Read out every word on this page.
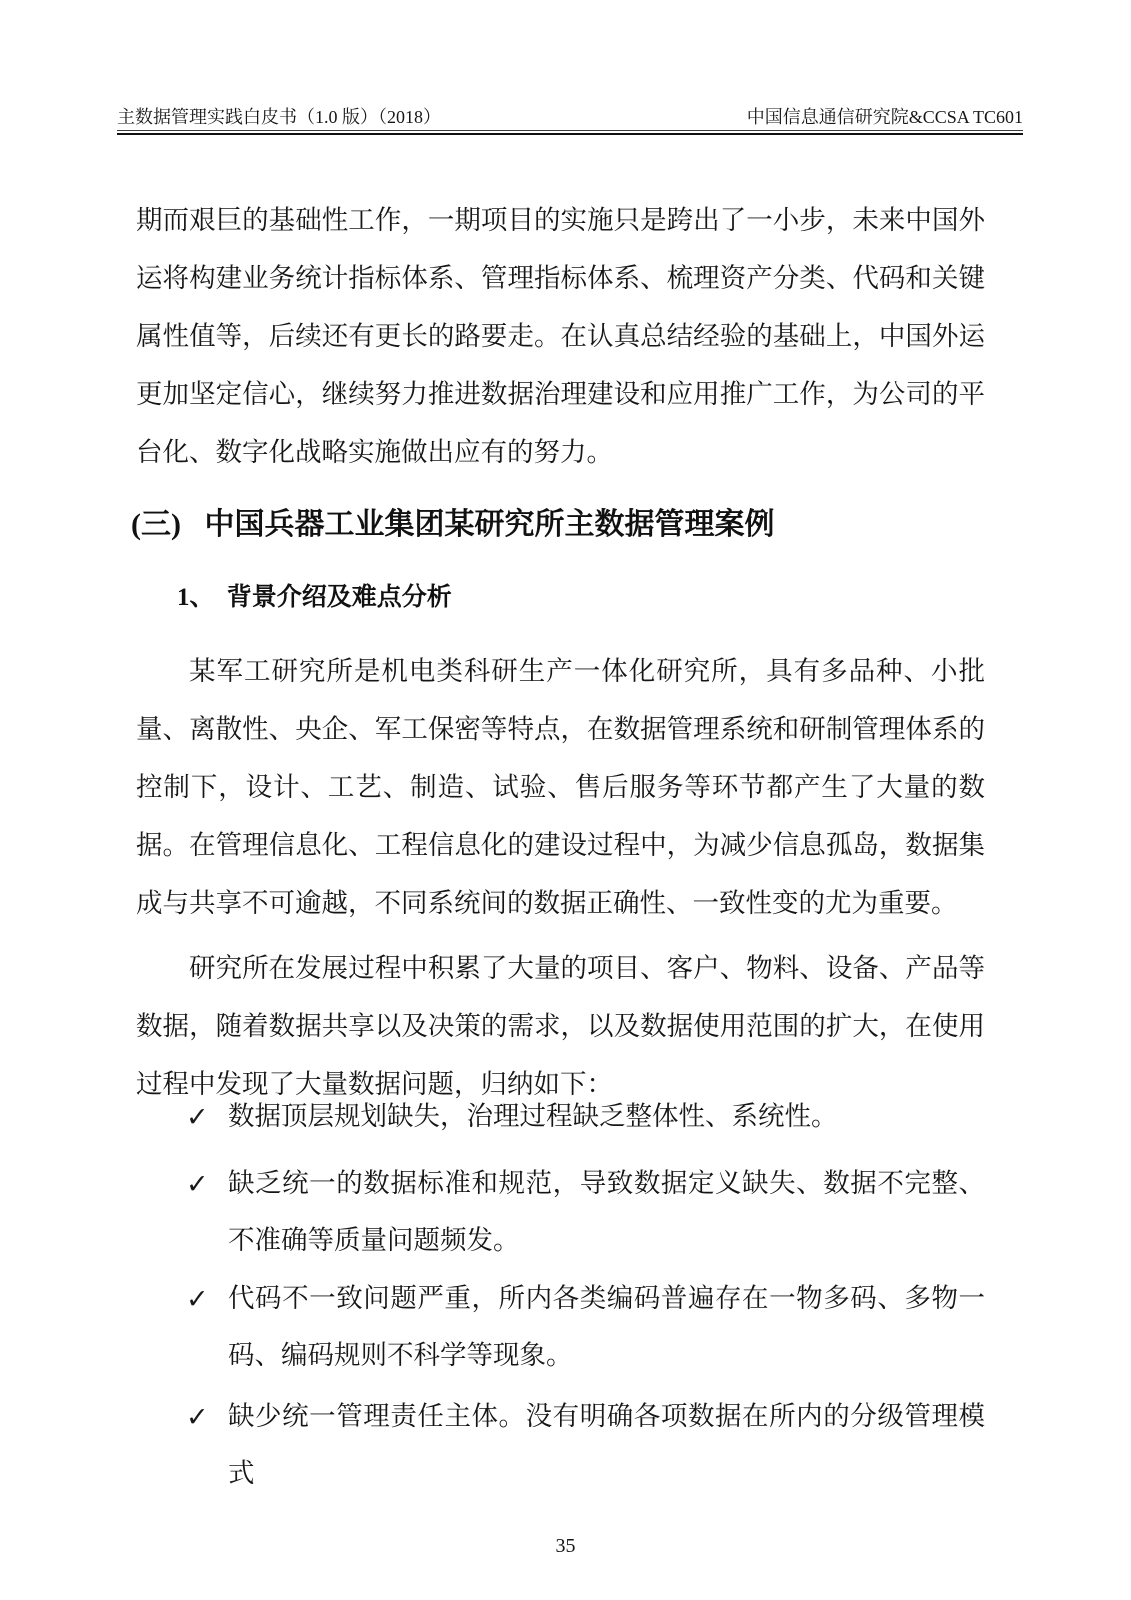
主数据管理实践白皮书（1.0 版）（2018）	中国信息通信研究院&CCSA TC601

期而艰巨的基础性工作，一期项目的实施只是跨出了一小步，未来中国外运将构建业务统计指标体系、管理指标体系、梳理资产分类、代码和关键属性值等，后续还有更长的路要走。在认真总结经验的基础上，中国外运更加坚定信心，继续努力推进数据治理建设和应用推广工作，为公司的平台化、数字化战略实施做出应有的努力。

(三) 中国兵器工业集团某研究所主数据管理案例
1、 背景介绍及难点分析

某军工研究所是机电类科研生产一体化研究所，具有多品种、小批量、离散性、央企、军工保密等特点，在数据管理系统和研制管理体系的控制下，设计、工艺、制造、试验、售后服务等环节都产生了大量的数据。在管理信息化、工程信息化的建设过程中，为减少信息孤岛，数据集成与共享不可逾越，不同系统间的数据正确性、一致性变的尤为重要。

研究所在发展过程中积累了大量的项目、客户、物料、设备、产品等数据，随着数据共享以及决策的需求，以及数据使用范围的扩大，在使用过程中发现了大量数据问题，归纳如下：

✓ 数据顶层规划缺失，治理过程缺乏整体性、系统性。
✓ 缺乏统一的数据标准和规范，导致数据定义缺失、数据不完整、不准确等质量问题频发。
✓ 代码不一致问题严重，所内各类编码普遍存在一物多码、多物一码、编码规则不科学等现象。
✓ 缺少统一管理责任主体。没有明确各项数据在所内的分级管理模式
35
